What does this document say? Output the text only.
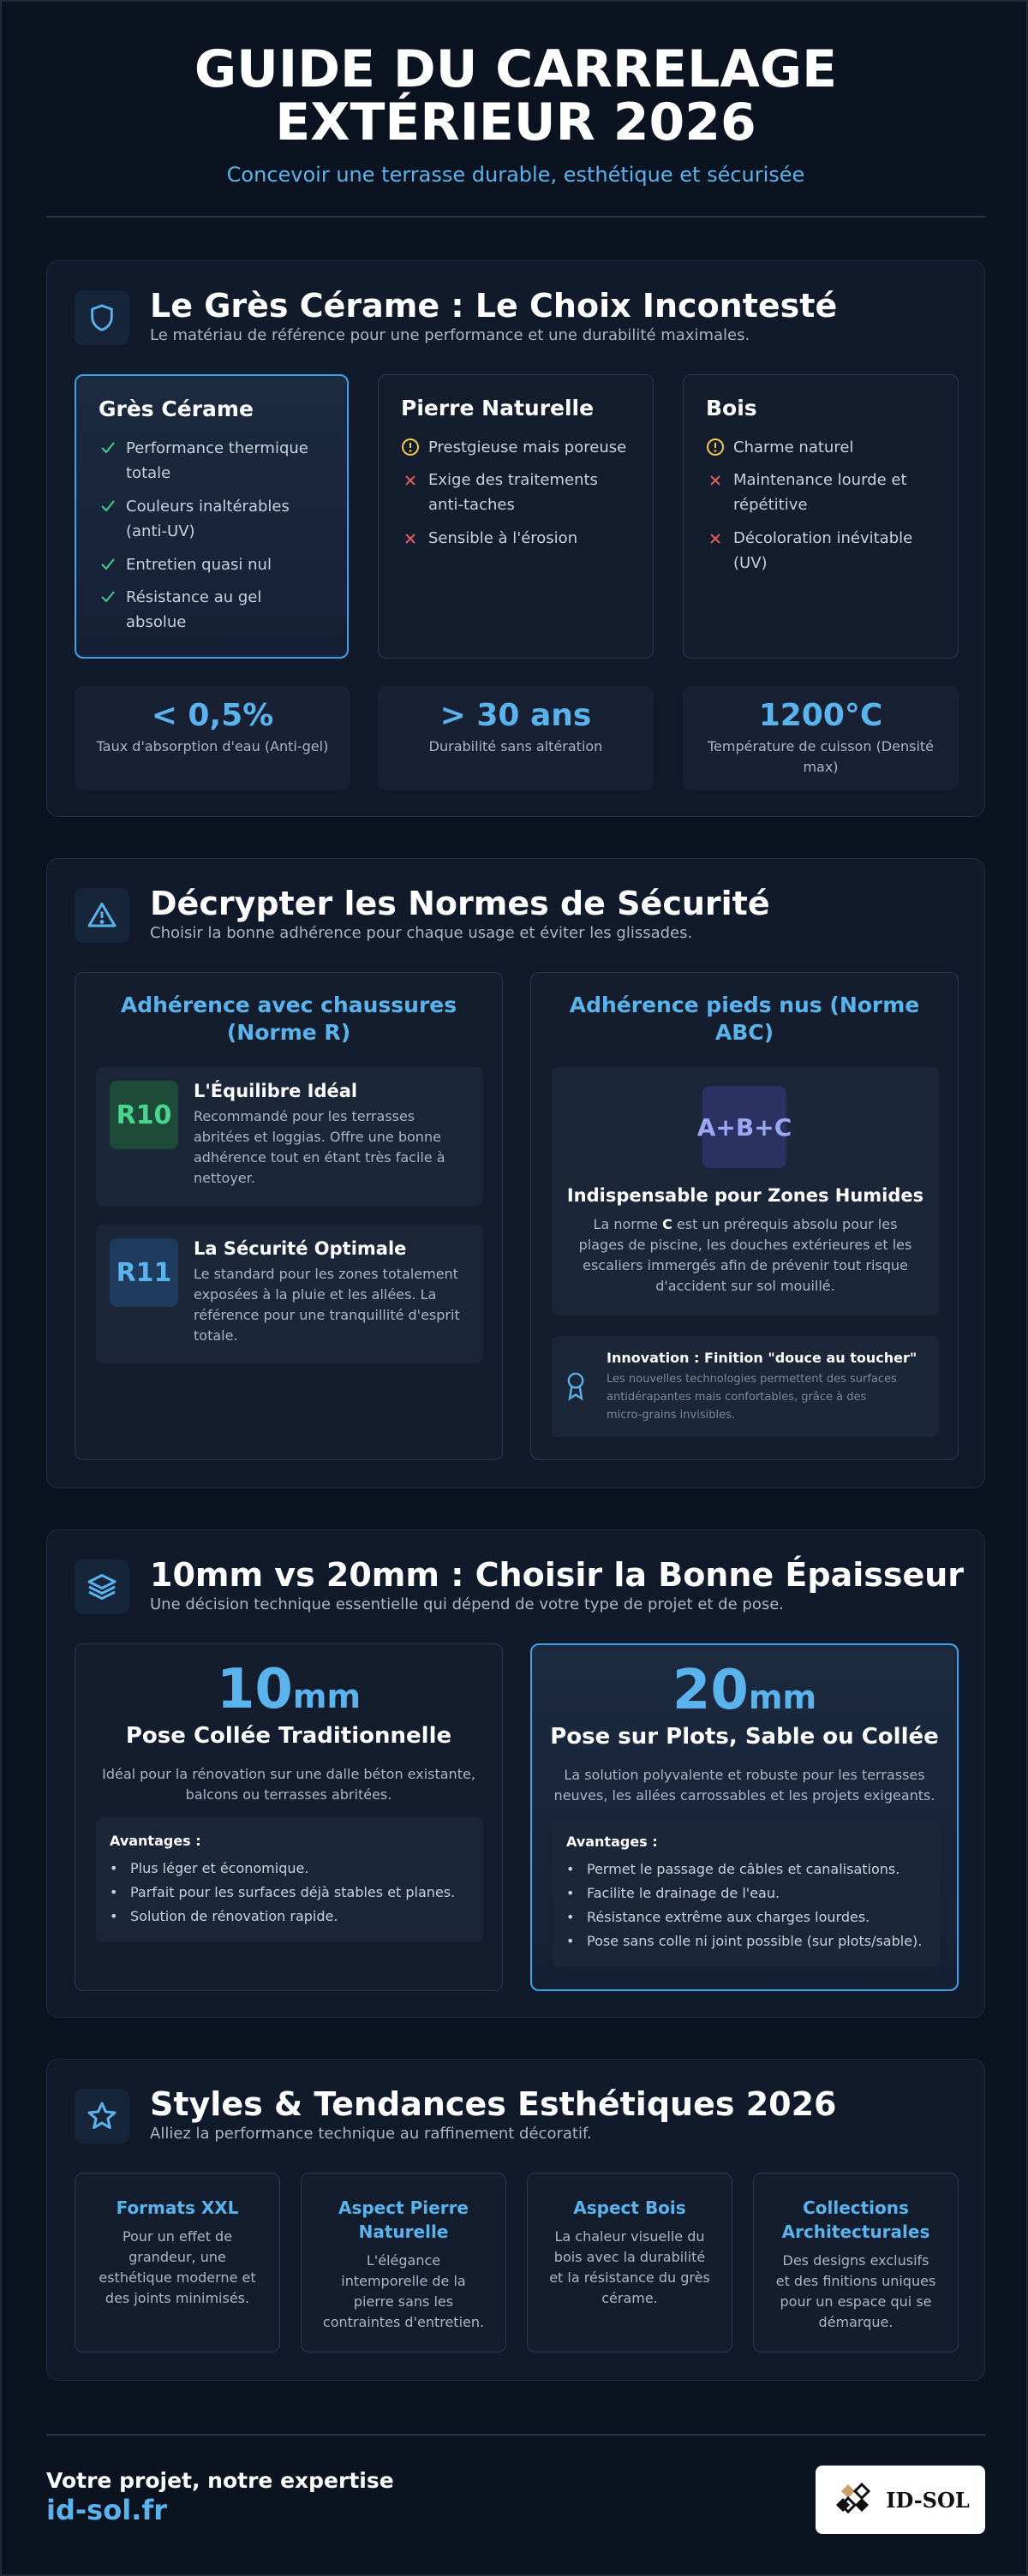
GUIDE DU CARRELAGE
EXTÉRIEUR 2026
Concevoir une terrasse durable, esthétique et sécurisée
Le Grès Cérame : Le Choix Incontesté
Le matériau de référence pour une performance et une durabilité maximales.
Grès Cérame
Performance thermique
totale
Couleurs inaltérables
(anti-UV)
Entretien quasi nul
Résistance au gel
absolue
Pierre Naturelle
Prestgieuse mais poreuse
Exige des traitements
anti-taches
Sensible à l'érosion
Bois
Charme naturel
Maintenance lourde et
répétitive
Décoloration inévitable
(UV)
< 0,5%
Taux d'absorption d'eau (Anti-gel)
> 30 ans
Durabilité sans altération
1200°C
Température de cuisson (Densité
max)
Décrypter les Normes de Sécurité
Choisir la bonne adhérence pour chaque usage et éviter les glissades.
Adhérence avec chaussures
(Norme R)
R10
L'Équilibre Idéal
Recommandé pour les terrasses
abritées et loggias. Offre une bonne
adhérence tout en étant très facile à
nettoyer.
R11
La Sécurité Optimale
Le standard pour les zones totalement
exposées à la pluie et les allées. La
référence pour une tranquillité d'esprit
totale.
Adhérence pieds nus (Norme
ABC)
A+B+C
Indispensable pour Zones Humides
La norme C est un prérequis absolu pour les
plages de piscine, les douches extérieures et les
escaliers immergés afin de prévenir tout risque
d'accident sur sol mouillé.
Innovation : Finition "douce au toucher"
Les nouvelles technologies permettent des surfaces
antidérapantes mais confortables, grâce à des
micro-grains invisibles.
10mm vs 20mm : Choisir la Bonne Épaisseur
Une décision technique essentielle qui dépend de votre type de projet et de pose.
10mm
Pose Collée Traditionnelle
Idéal pour la rénovation sur une dalle béton existante,
balcons ou terrasses abritées.
Avantages :
• Plus léger et économique.
• Parfait pour les surfaces déjà stables et planes.
• Solution de rénovation rapide.
20mm
Pose sur Plots, Sable ou Collée
La solution polyvalente et robuste pour les terrasses
neuves, les allées carrossables et les projets exigeants.
Avantages :
• Permet le passage de câbles et canalisations.
• Facilite le drainage de l'eau.
• Résistance extrême aux charges lourdes.
• Pose sans colle ni joint possible (sur plots/sable).
Styles & Tendances Esthétiques 2026
Alliez la performance technique au raffinement décoratif.
Formats XXL
Pour un effet de
grandeur, une
esthétique moderne et
des joints minimisés.
Aspect Pierre
Naturelle
L'élégance
intemporelle de la
pierre sans les
contraintes d'entretien.
Aspect Bois
La chaleur visuelle du
bois avec la durabilité
et la résistance du grès
cérame.
Collections
Architecturales
Des designs exclusifs
et des finitions uniques
pour un espace qui se
démarque.
Votre projet, notre expertise
id-sol.fr	ID-SOL
